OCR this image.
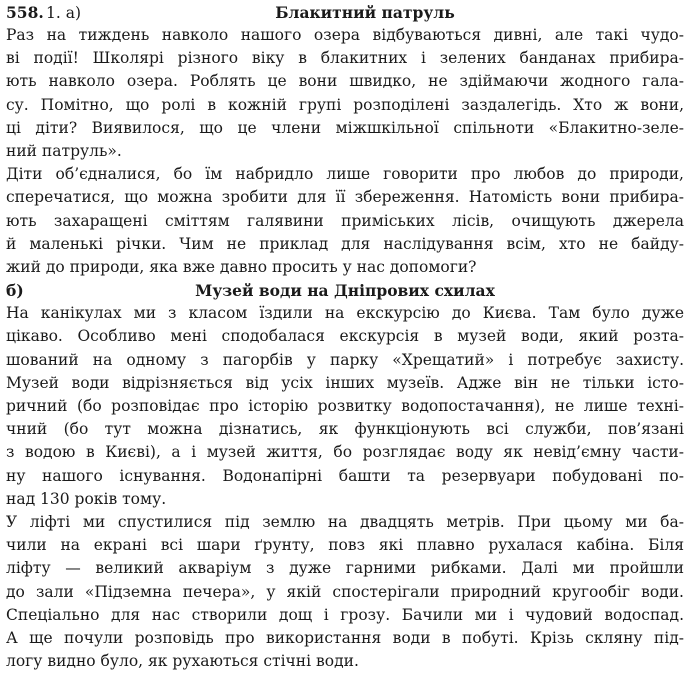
558. 1. а)	Блакитний патруль
Раз на тиждень навколо нашого озера відбуваються дивні, але такі чудо-
ві події! Школярі різного віку в блакитних і зелених банданах прибира-
ють навколо озера. Роблять це вони швидко, не здіймаючи жодного гала-
су. Помітно, що ролі в кожній групі розподілені заздалегідь. Хто ж вони,
ці діти? Виявилося, що це члени міжшкільної спільноти «Блакитно-зеле-
ний патруль».
Діти об’єдналися, бо їм набридло лише говорити про любов до природи,
сперечатися, що можна зробити для її збереження. Натомість вони прибира-
ють захаращені сміттям галявини приміських лісів, очищують джерела
й маленькі річки. Чим не приклад для наслідування всім, хто не байду-
жий до природи, яка вже давно просить у нас допомоги?
б)	Музей води на Дніпрових схилах
На канікулах ми з класом їздили на екскурсію до Києва. Там було дуже
цікаво. Особливо мені сподобалася екскурсія в музей води, який розта-
шований на одному з пагорбів у парку «Хрещатий» і потребує захисту.
Музей води відрізняється від усіх інших музеїв. Адже він не тільки істо-
ричний (бо розповідає про історію розвитку водопостачання), не лише техні-
чний (бо тут можна дізнатись, як функціонують всі служби, пов’язані
з водою в Києві), а і музей життя, бо розглядає воду як невід’ємну части-
ну нашого існування. Водонапірні башти та резервуари побудовані по-
над 130 років тому.
У ліфті ми спустилися під землю на двадцять метрів. При цьому ми ба-
чили на екрані всі шари ґрунту, повз які плавно рухалася кабіна. Біля
ліфту — великий акваріум з дуже гарними рибками. Далі ми пройшли
до зали «Підземна печера», у якій спостерігали природний кругообіг води.
Спеціально для нас створили дощ і грозу. Бачили ми і чудовий водоспад.
А ще почули розповідь про використання води в побуті. Крізь скляну під-
логу видно було, як рухаються стічні води.
